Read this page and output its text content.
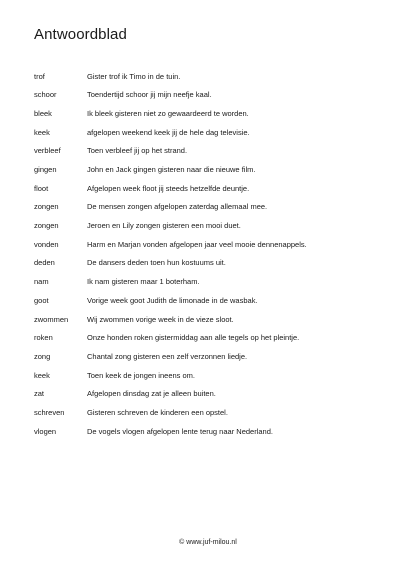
Antwoordblad
trof	Gister trof ik Timo in de tuin.
schoor	Toendertijd schoor jij mijn neefje kaal.
bleek	Ik bleek gisteren niet zo gewaardeerd te worden.
keek	afgelopen weekend keek jij de hele dag televisie.
verbleef	Toen verbleef jij op het strand.
gingen	John en Jack gingen gisteren naar die nieuwe film.
floot	Afgelopen week floot jij steeds hetzelfde deuntje.
zongen	De mensen zongen afgelopen zaterdag allemaal mee.
zongen	Jeroen en Lily zongen gisteren een mooi duet.
vonden	Harm en Marjan vonden afgelopen jaar veel mooie dennenappels.
deden	De dansers deden toen hun kostuums uit.
nam	Ik nam gisteren maar 1 boterham.
goot	Vorige week goot Judith de limonade in de wasbak.
zwommen	Wij zwommen vorige week in de vieze sloot.
roken	Onze honden roken gistermiddag aan alle tegels op het pleintje.
zong	Chantal zong gisteren een zelf verzonnen liedje.
keek	Toen keek de jongen ineens om.
zat	Afgelopen dinsdag zat je alleen buiten.
schreven	Gisteren schreven de kinderen een opstel.
vlogen	De vogels vlogen afgelopen lente terug naar Nederland.
© www.juf-milou.nl
